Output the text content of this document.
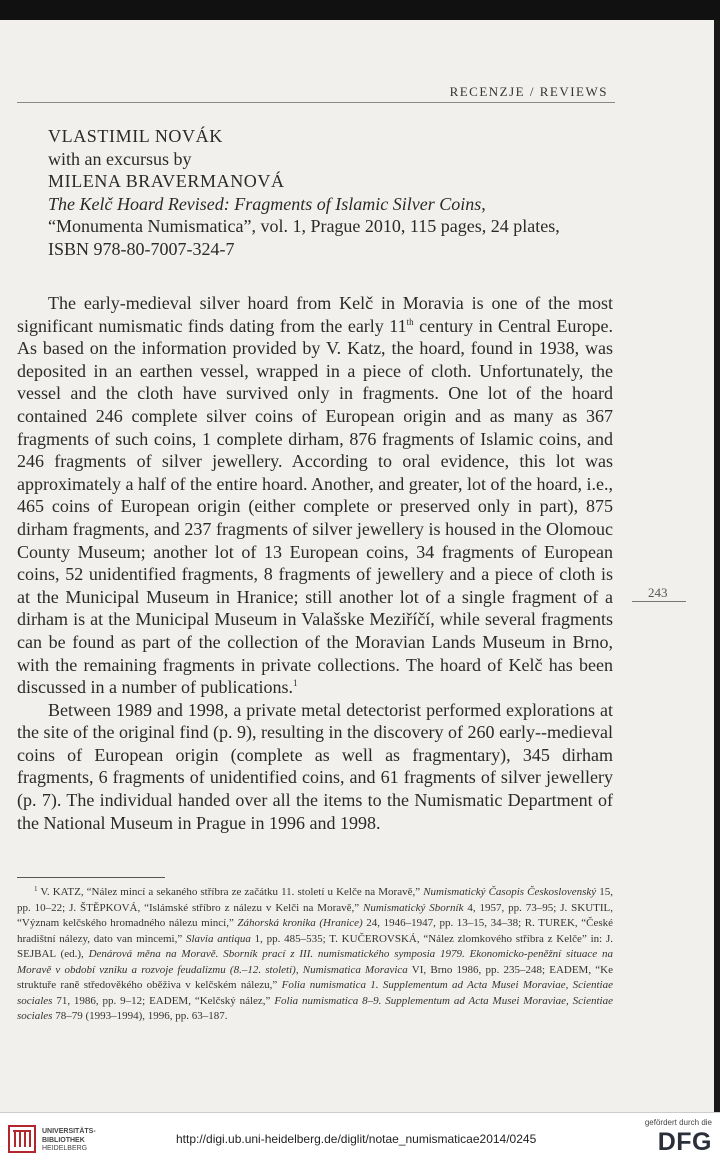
RECENZJE / REVIEWS
VLASTIMIL NOVÁK
with an excursus by
MILENA BRAVERMANOVÁ
The Kelč Hoard Revised: Fragments of Islamic Silver Coins,
“Monumenta Numismatica”, vol. 1, Prague 2010, 115 pages, 24 plates,
ISBN 978-80-7007-324-7

The early-medieval silver hoard from Kelč in Moravia is one of the most significant numismatic finds dating from the early 11th century in Central Europe. As based on the information provided by V. Katz, the hoard, found in 1938, was deposited in an earthen vessel, wrapped in a piece of cloth. Unfortunately, the vessel and the cloth have survived only in fragments. One lot of the hoard contained 246 complete silver coins of European origin and as many as 367 fragments of such coins, 1 complete dirham, 876 fragments of Islamic coins, and 246 fragments of silver jewellery. According to oral evidence, this lot was approximately a half of the entire hoard. Another, and greater, lot of the hoard, i.e., 465 coins of European origin (either complete or preserved only in part), 875 dirham fragments, and 237 fragments of silver jewellery is housed in the Olomouc County Museum; another lot of 13 European coins, 34 fragments of European coins, 52 unidentified fragments, 8 fragments of jewellery and a piece of cloth is at the Municipal Museum in Hranice; still another lot of a single fragment of a dirham is at the Municipal Museum in Valašske Meziříčí, while several fragments can be found as part of the collection of the Moravian Lands Museum in Brno, with the remaining fragments in private collections. The hoard of Kelč has been discussed in a number of publications.$^1$

Between 1989 and 1998, a private metal detectorist performed explorations at the site of the original find (p. 9), resulting in the discovery of 260 early--medieval coins of European origin (complete as well as fragmentary), 345 dirham fragments, 6 fragments of unidentified coins, and 61 fragments of silver jewellery (p. 7). The individual handed over all the items to the Numismatic Department of the National Museum in Prague in 1996 and 1998.

243
$^1$ V. KATZ, “Nález mincí a sekaného stříbra ze začátku 11. století u Kelče na Moravě,” Numismatický Časopis Československý 15, pp. 10–22; J. ŠTĚPKOVÁ, “Islámské stříbro z nálezu v Kelči na Moravě,” Numismatický Sborník 4, 1957, pp. 73–95; J. SKUTIL, “Význam kelčského hromadného nálezu mincí,” Záhorská kronika (Hranice) 24, 1946–1947, pp. 13–15, 34–38; R. TUREK, “České hradištní nálezy, dato van mincemi,” Slavia antiqua 1, pp. 485–535; T. KUČEROVSKÁ, “Nález zlomkového stříbra z Kelče” in: J. SEJBAL (ed.), Denárová měna na Moravě. Sborník prací z III. numismatického symposia 1979. Ekonomicko-peněžní situace na Moravě v období vzniku a rozvoje feudalizmu (8.–12. století), Numismatica Moravica VI, Brno 1986, pp. 235–248; EADEM, “Ke struktuře raně středověkého oběživa v kelčském nálezu,” Folia numismatica 1. Supplementum ad Acta Musei Moraviae, Scientiae sociales 71, 1986, pp. 9–12; EADEM, “Kelčský nález,” Folia numismatica 8–9. Supplementum ad Acta Musei Moraviae, Scientiae sociales 78–79 (1993–1994), 1996, pp. 63–187.
UNIVERSITÄTS-
BIBLIOTHEK
HEIDELBERG
http://digi.ub.uni-heidelberg.de/diglit/notae_numismaticae2014/0245
gefördert durch die
DFG
